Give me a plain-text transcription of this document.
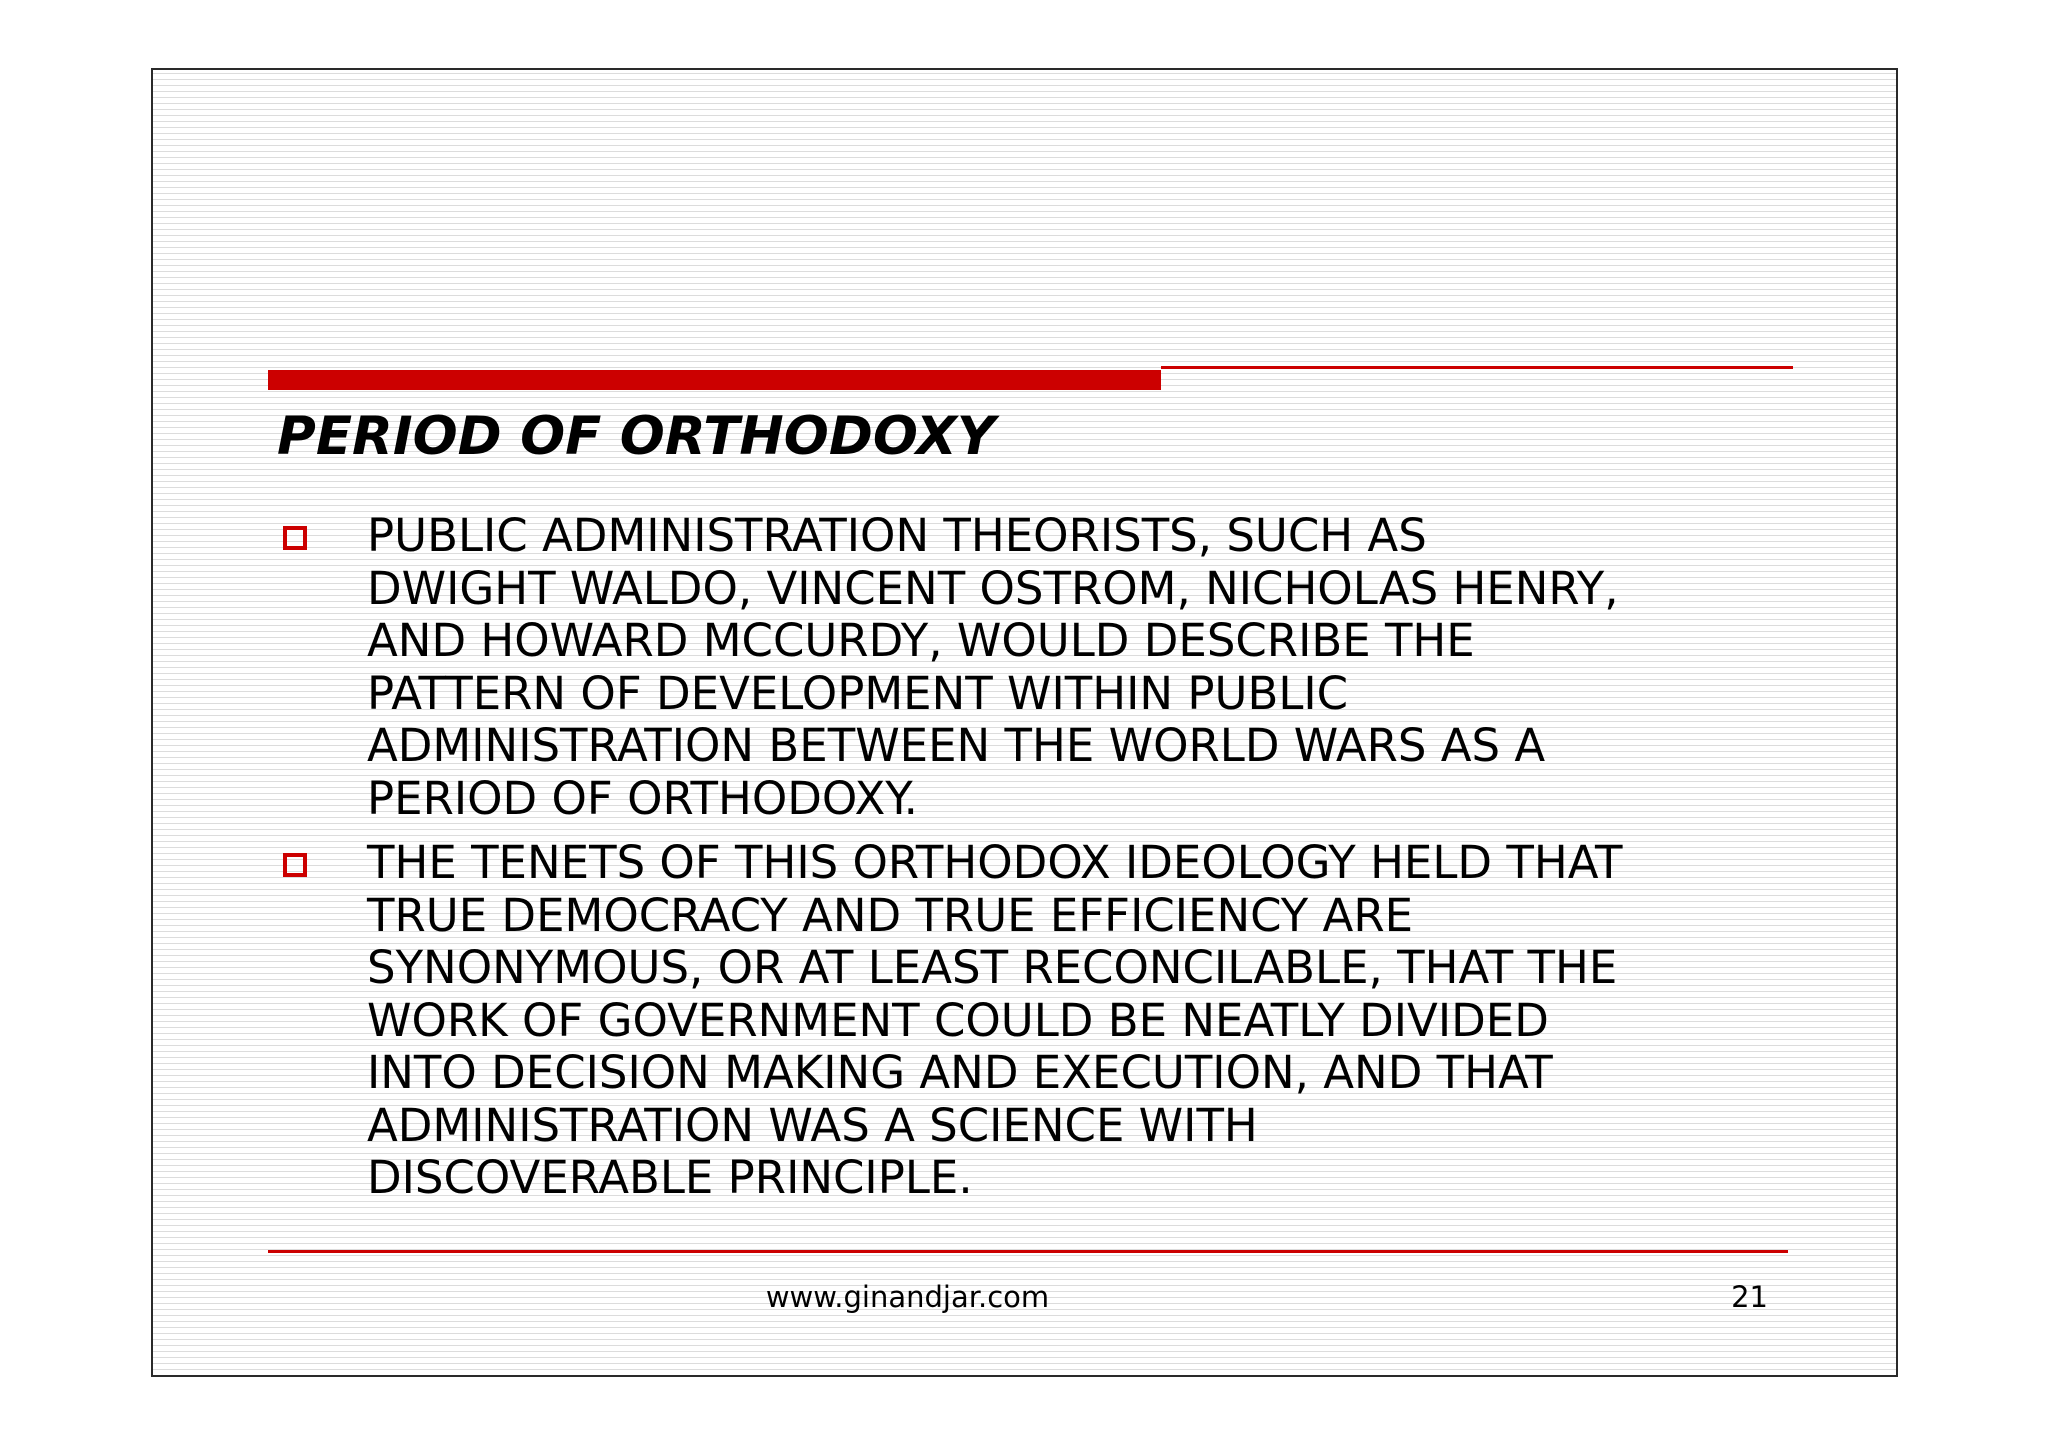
PERIOD OF ORTHODOXY
PUBLIC ADMINISTRATION THEORISTS, SUCH AS
DWIGHT WALDO, VINCENT OSTROM, NICHOLAS HENRY,
AND HOWARD MCCURDY, WOULD DESCRIBE THE
PATTERN OF DEVELOPMENT WITHIN PUBLIC
ADMINISTRATION BETWEEN THE WORLD WARS AS A
PERIOD OF ORTHODOXY.
THE TENETS OF THIS ORTHODOX IDEOLOGY HELD THAT
TRUE DEMOCRACY AND TRUE EFFICIENCY ARE
SYNONYMOUS, OR AT LEAST RECONCILABLE, THAT THE
WORK OF GOVERNMENT COULD BE NEATLY DIVIDED
INTO DECISION MAKING AND EXECUTION, AND THAT
ADMINISTRATION WAS A SCIENCE WITH
DISCOVERABLE PRINCIPLE.
www.ginandjar.com	21
